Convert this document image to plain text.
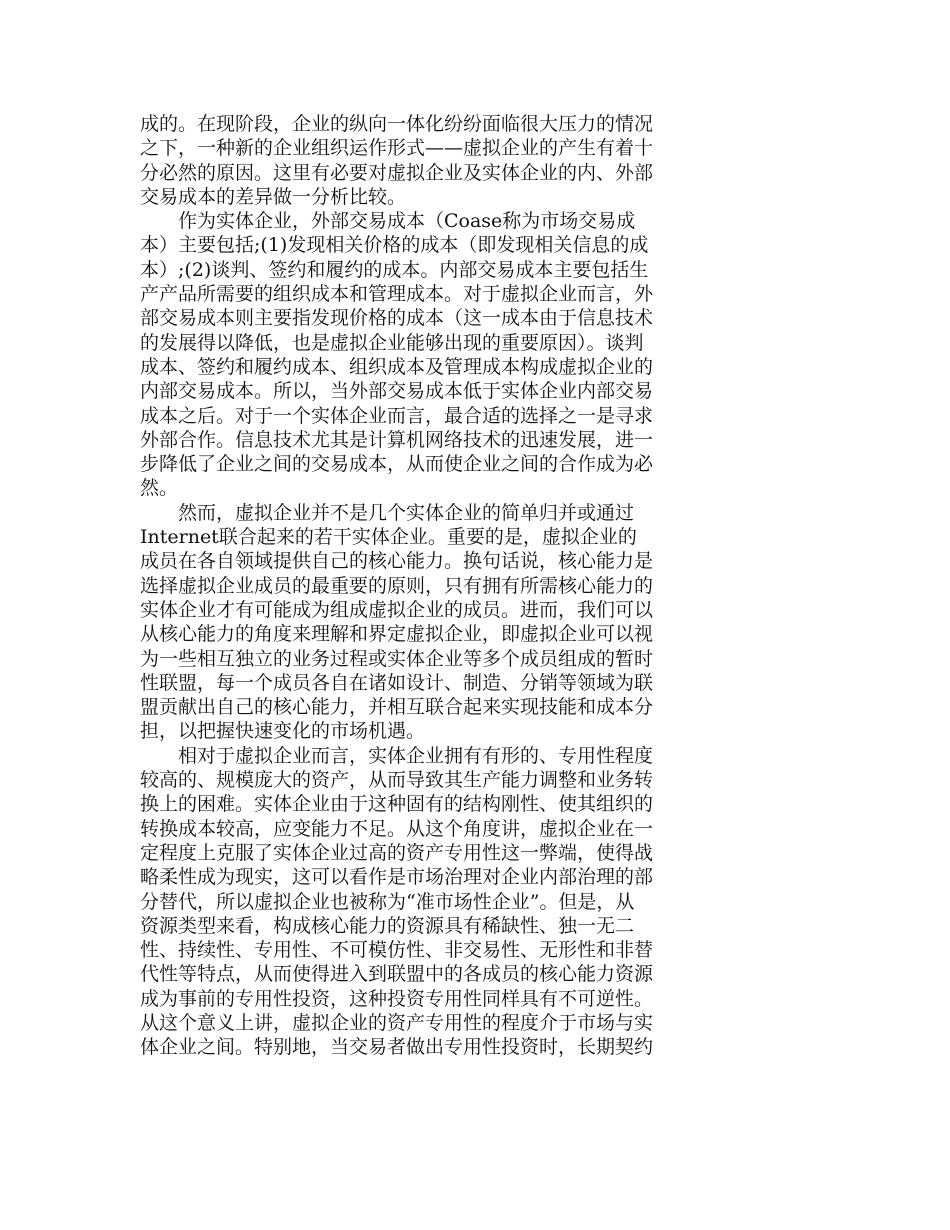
成的。在现阶段，企业的纵向一体化纷纷面临很大压力的情况
之下，一种新的企业组织运作形式——虚拟企业的产生有着十
分必然的原因。这里有必要对虚拟企业及实体企业的内、外部
交易成本的差异做一分析比较。
　　作为实体企业，外部交易成本（Coase称为市场交易成
本）主要包括;(1)发现相关价格的成本（即发现相关信息的成
本）;(2)谈判、签约和履约的成本。内部交易成本主要包括生
产产品所需要的组织成本和管理成本。对于虚拟企业而言，外
部交易成本则主要指发现价格的成本（这一成本由于信息技术
的发展得以降低，也是虚拟企业能够出现的重要原因）。谈判
成本、签约和履约成本、组织成本及管理成本构成虚拟企业的
内部交易成本。所以，当外部交易成本低于实体企业内部交易
成本之后。对于一个实体企业而言，最合适的选择之一是寻求
外部合作。信息技术尤其是计算机网络技术的迅速发展，进一
步降低了企业之间的交易成本，从而使企业之间的合作成为必
然。
　　然而，虚拟企业并不是几个实体企业的简单归并或通过
Internet联合起来的若干实体企业。重要的是，虚拟企业的
成员在各自领域提供自己的核心能力。换句话说，核心能力是
选择虚拟企业成员的最重要的原则，只有拥有所需核心能力的
实体企业才有可能成为组成虚拟企业的成员。进而，我们可以
从核心能力的角度来理解和界定虚拟企业，即虚拟企业可以视
为一些相互独立的业务过程或实体企业等多个成员组成的暂时
性联盟，每一个成员各自在诸如设计、制造、分销等领域为联
盟贡献出自己的核心能力，并相互联合起来实现技能和成本分
担，以把握快速变化的市场机遇。
　　相对于虚拟企业而言，实体企业拥有有形的、专用性程度
较高的、规模庞大的资产，从而导致其生产能力调整和业务转
换上的困难。实体企业由于这种固有的结构刚性、使其组织的
转换成本较高，应变能力不足。从这个角度讲，虚拟企业在一
定程度上克服了实体企业过高的资产专用性这一弊端，使得战
略柔性成为现实，这可以看作是市场治理对企业内部治理的部
分替代，所以虚拟企业也被称为“准市场性企业”。但是，从
资源类型来看，构成核心能力的资源具有稀缺性、独一无二
性、持续性、专用性、不可模仿性、非交易性、无形性和非替
代性等特点，从而使得进入到联盟中的各成员的核心能力资源
成为事前的专用性投资，这种投资专用性同样具有不可逆性。
从这个意义上讲，虚拟企业的资产专用性的程度介于市场与实
体企业之间。特别地，当交易者做出专用性投资时，长期契约
